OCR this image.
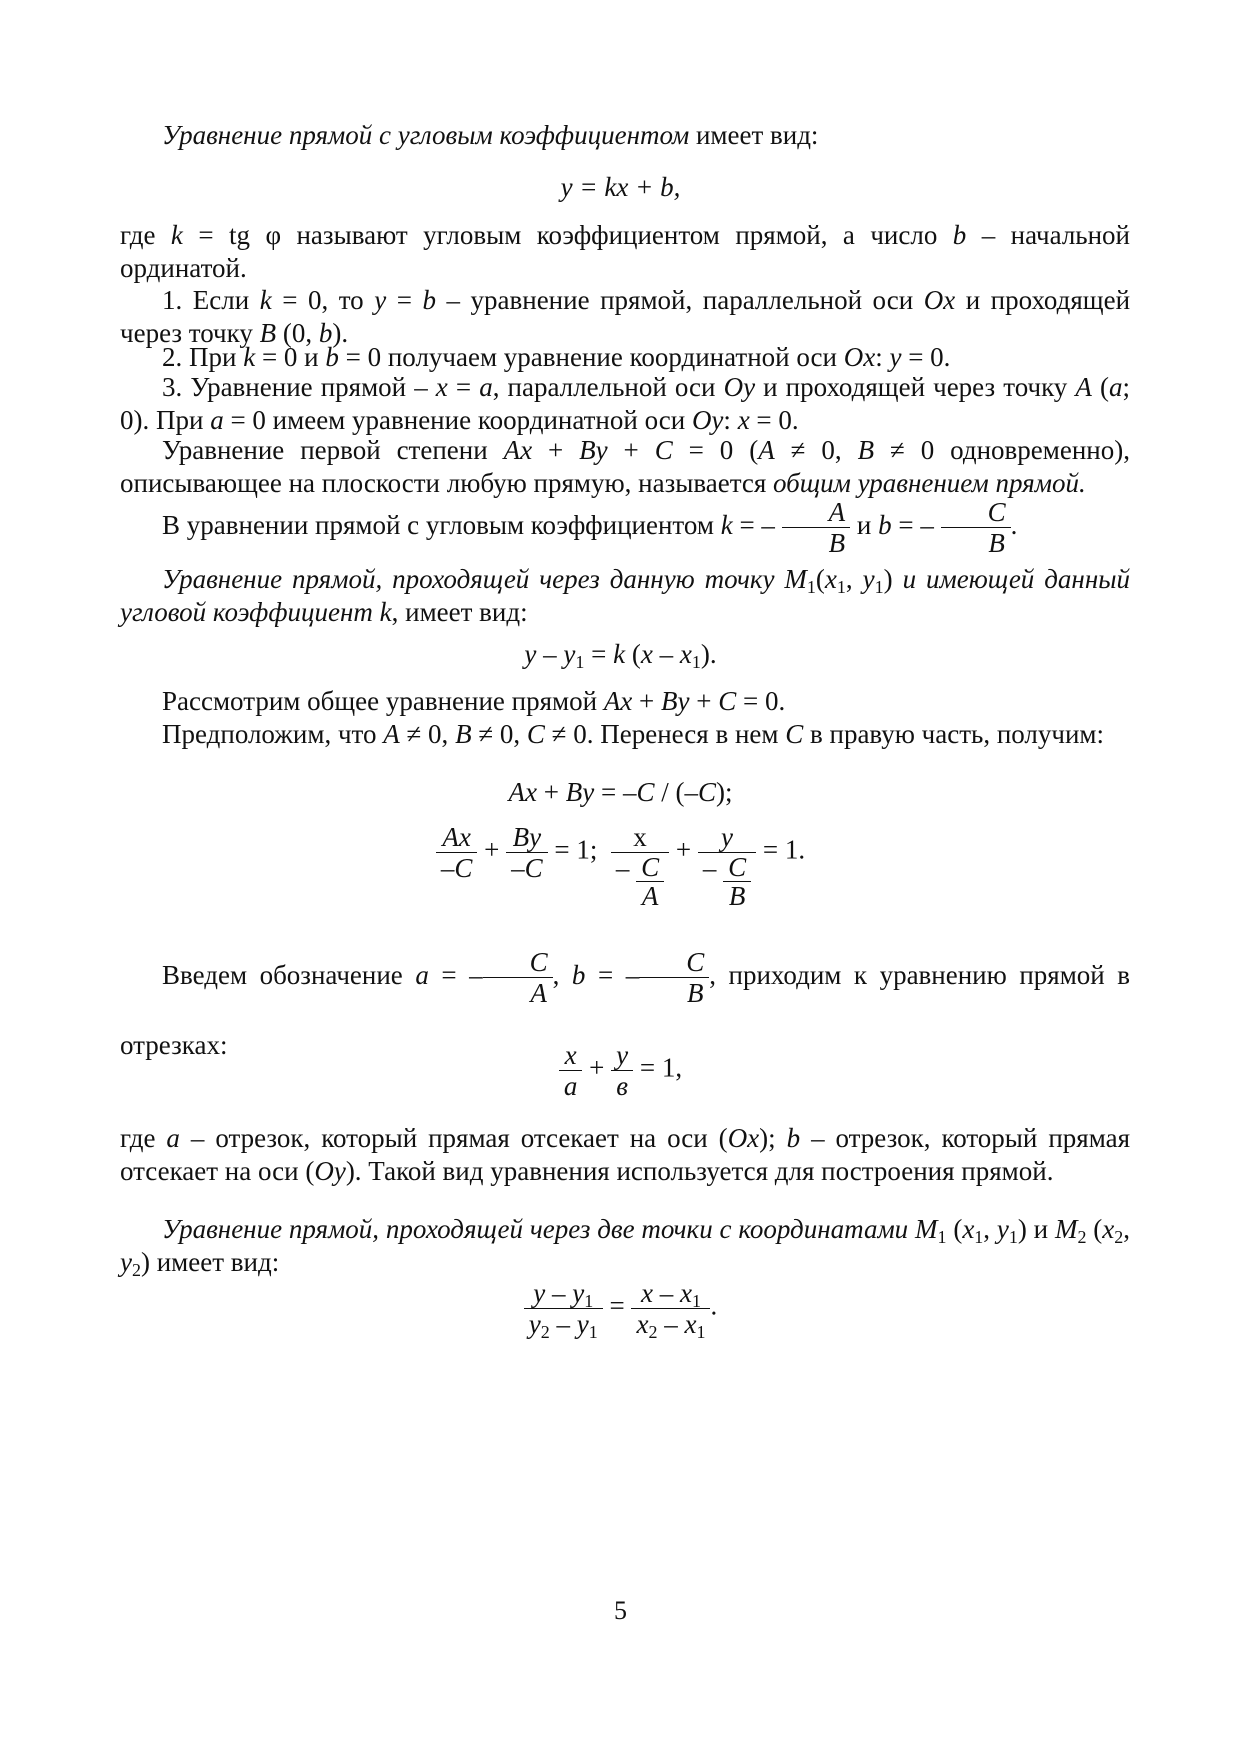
Уравнение прямой с угловым коэффициентом имеет вид:

y = kx + b,

где k = tg φ называют угловым коэффициентом прямой, а число b – начальной ординатой.

1. Если k = 0, то y = b – уравнение прямой, параллельной оси Ox и проходящей через точку B (0, b).

2. При k = 0 и b = 0 получаем уравнение координатной оси Ox: y = 0.

3. Уравнение прямой – x = a, параллельной оси Oy и проходящей через точку A (a; 0). При a = 0 имеем уравнение координатной оси Oy: x = 0.

Уравнение первой степени Ax + By + C = 0 (A ≠ 0, B ≠ 0 одновременно), описывающее на плоскости любую прямую, называется общим уравнением прямой.

В уравнении прямой с угловым коэффициентом k = – $\frac{A}{B}$ и b = – $\frac{C}{B}$ .

Уравнение прямой, проходящей через данную точку $M_1(x_1$, $y_1$) и имеющей данный угловой коэффициент k, имеет вид:

$y - y_1 = k$ $(x - x_1)$.

Рассмотрим общее уравнение прямой Ax + By + C = 0.

Предположим, что A ≠ 0, B ≠ 0, C ≠ 0. Перенеся в нем C в правую часть, получим:

Ax + By = –C / (–C);
$\frac{Ax}{-C} + \frac{By}{-C} = 1$; $\frac{x}{- \frac{C}{A}} + \frac{y}{- \frac{C}{B}} = 1$.

Введем обозначение a = – $\frac{C}{A}$ , b = – $\frac{C}{B}$ , приходим к уравнению прямой в отрезках:	$\frac{x}{a} + \frac{y}{в} = 1$,

где a – отрезок, который прямая отсекает на оси (Ox); b – отрезок, который прямая отсекает на оси (Oy). Такой вид уравнения используется для построения прямой.

Уравнение прямой, проходящей через две точки с координатами $M_1$ ($x_1$, $y_1$) и $M_2$ ($x_2$, $y_2$) имеет вид:

$\frac{y - y_1}{y_2 - y_1} = \frac{x - x_1}{x_2 - x_1}$ .
5
